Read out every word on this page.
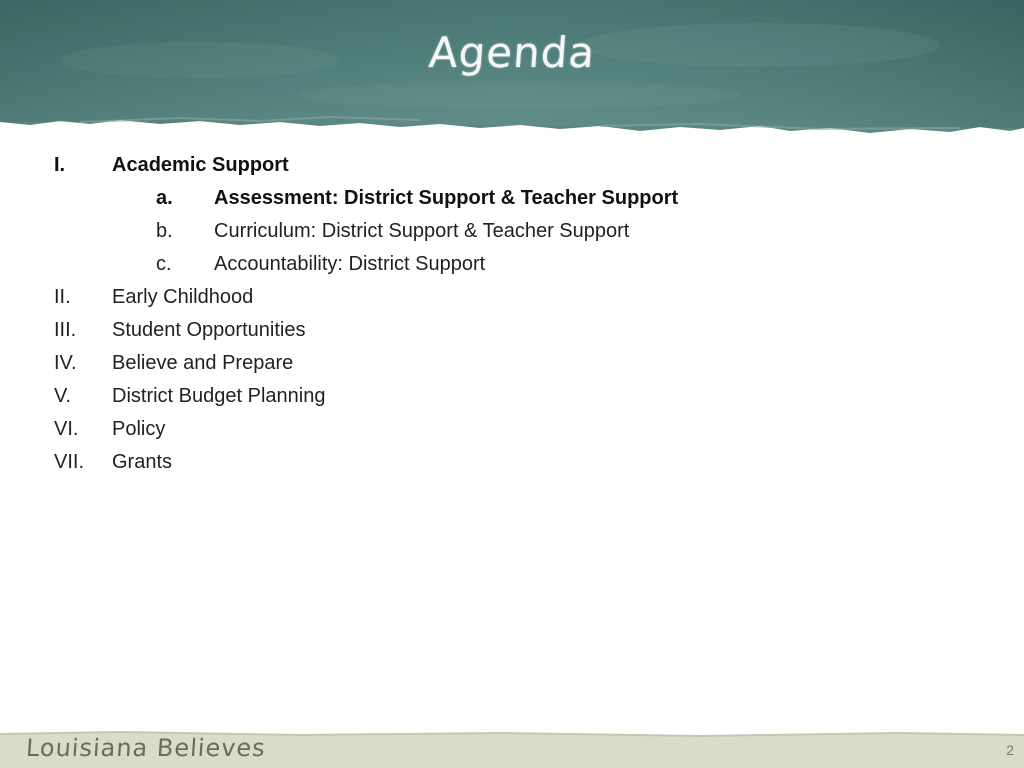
Agenda
I. Academic Support
a. Assessment: District Support & Teacher Support
b. Curriculum: District Support & Teacher Support
c. Accountability: District Support
II. Early Childhood
III. Student Opportunities
IV. Believe and Prepare
V. District Budget Planning
VI. Policy
VII. Grants
Louisiana Believes	2
